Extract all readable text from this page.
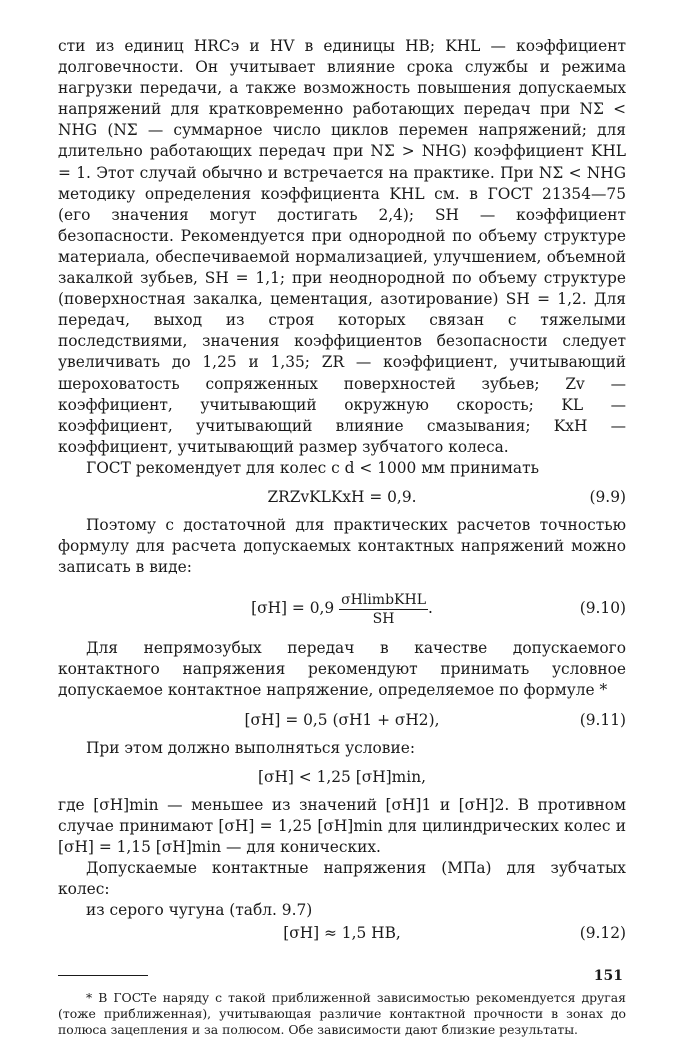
сти из единиц HRCэ и HV в единицы HB; KHL — коэффициент долговечности. Он учитывает влияние срока службы и режима нагрузки передачи, а также возможность повышения допускаемых напряжений для кратковременно работающих передач при NΣ < NHG (NΣ — суммарное число циклов перемен напряжений; для длительно работающих передач при NΣ > NHG) коэффициент KHL = 1. Этот случай обычно и встречается на практике. При NΣ < NHG методику определения коэффициента KHL см. в ГОСТ 21354—75 (его значения могут достигать 2,4); SH — коэффициент безопасности. Рекомендуется при однородной по объему структуре материала, обеспечиваемой нормализацией, улучшением, объемной закалкой зубьев, SH = 1,1; при неоднородной по объему структуре (поверхностная закалка, цементация, азотирование) SH = 1,2. Для передач, выход из строя которых связан с тяжелыми последствиями, значения коэффициентов безопасности следует увеличивать до 1,25 и 1,35; ZR — коэффициент, учитывающий шероховатость сопряженных поверхностей зубьев; Zv — коэффициент, учитывающий окружную скорость; KL — коэффициент, учитывающий влияние смазывания; KxH — коэффициент, учитывающий размер зубчатого колеса.

ГОСТ рекомендует для колес с d < 1000 мм принимать

ZRZvKLKxH = 0,9.	(9.9)

Поэтому с достаточной для практических расчетов точностью формулу для расчета допускаемых контактных напряжений можно записать в виде:

$[\sigma H] = 0,9 \frac{\text{σHlimbKHL}}{SH}$ .	(9.10)

Для непрямозубых передач в качестве допускаемого контактного напряжения рекомендуют принимать условное допускаемое контактное напряжение, определяемое по формуле *

[σH] = 0,5 (σH1 + σH2),	(9.11)

При этом должно выполняться условие:

[σH] < 1,25 [σH]min,

где [σH]min — меньшее из значений [σH]1 и [σH]2. В противном случае принимают [σH] = 1,25 [σH]min для цилиндрических колес и [σH] = 1,15 [σH]min — для конических.

Допускаемые контактные напряжения (МПа) для зубчатых колес:

из серого чугуна (табл. 9.7)

[σH] ≈ 1,5 HB,	(9.12)

* В ГОСТе наряду с такой приближенной зависимостью рекомендуется другая (тоже приближенная), учитывающая различие контактной прочности в зонах до полюса зацепления и за полюсом. Обе зависимости дают близкие результаты.

151
